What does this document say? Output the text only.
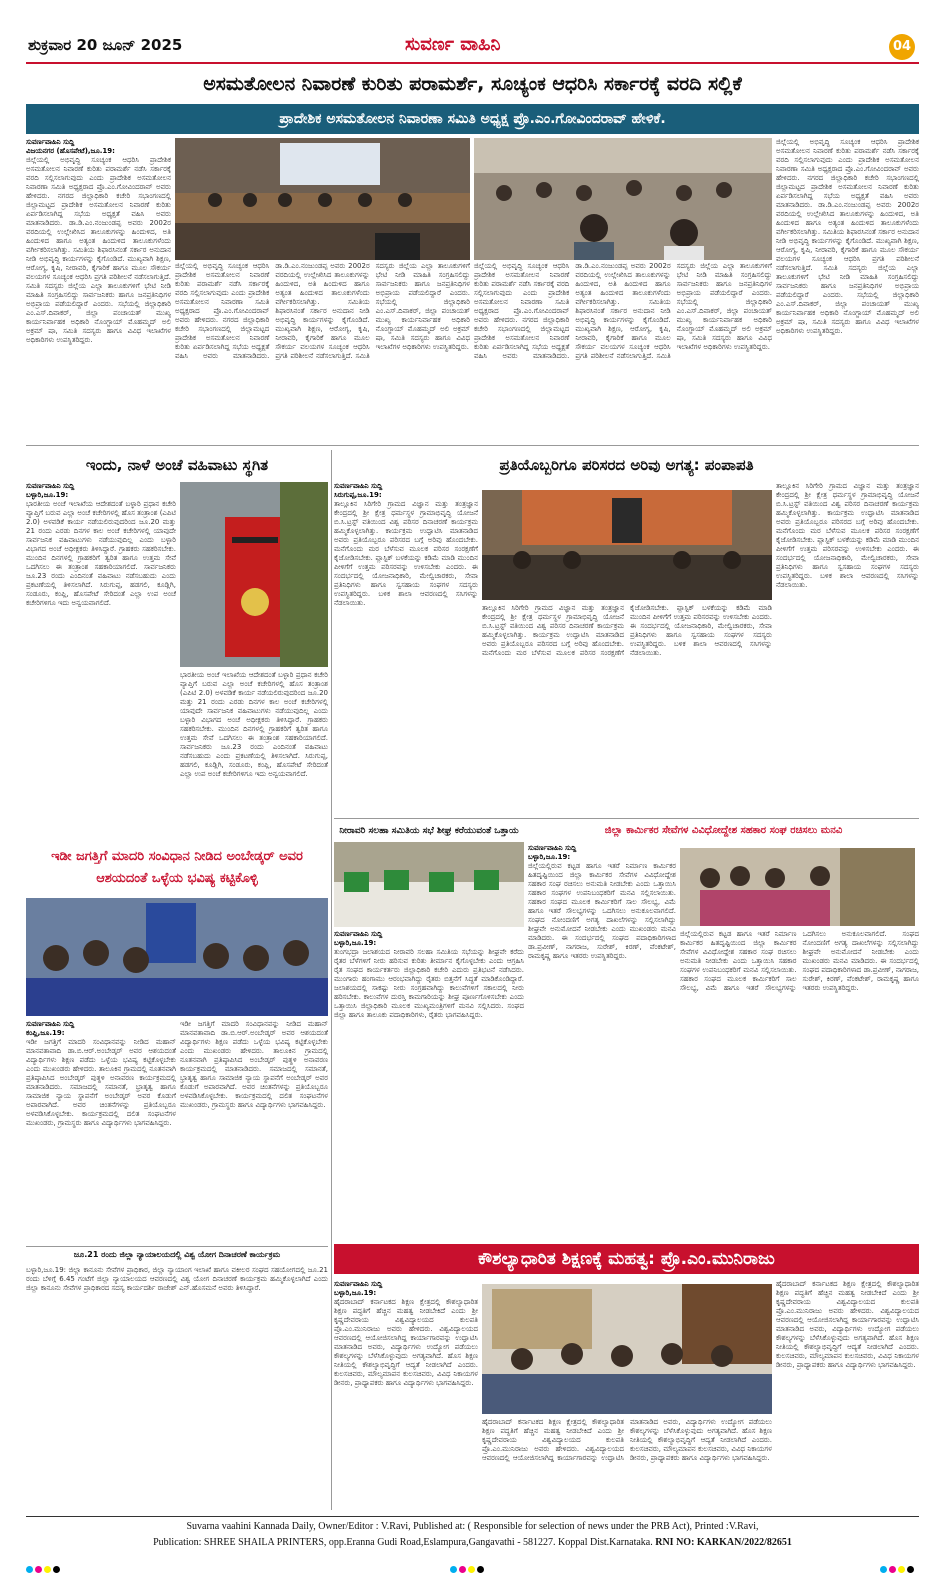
ಶುಕ್ರವಾರ 20 ಜೂನ್ 2025	ಸುವರ್ಣ ವಾಹಿನಿ	04
ಅಸಮತೋಲನ ನಿವಾರಣೆ ಕುರಿತು ಪರಾಮರ್ಶೆ, ಸೂಚ್ಯಂಕ ಆಧರಿಸಿ ಸರ್ಕಾರಕ್ಕೆ ವರದಿ ಸಲ್ಲಿಕೆ
ಪ್ರಾದೇಶಿಕ ಅಸಮತೋಲನ ನಿವಾರಣಾ ಸಮಿತಿ ಅಧ್ಯಕ್ಷ ಪ್ರೊ.ಎಂ.ಗೋವಿಂದರಾವ್ ಹೇಳಿಕೆ.
ಸುವರ್ಣವಾಹಿನಿ ಸುದ್ದಿ
ವಿಜಯನಗರ (ಹೊಸಪೇಟೆ),ಜೂ.19:
ಜಿಲ್ಲೆಯಲ್ಲಿ ಅಭಿವೃದ್ಧಿ ಸೂಚ್ಯಂಕ ಆಧರಿಸಿ ಪ್ರಾದೇಶಿಕ ಅಸಮತೋಲನ ನಿವಾರಣೆ ಕುರಿತು ಪರಾಮರ್ಶೆ ನಡೆಸಿ ಸರ್ಕಾರಕ್ಕೆ ವರದಿ ಸಲ್ಲಿಸಲಾಗುವುದು ಎಂದು ಪ್ರಾದೇಶಿಕ ಅಸಮತೋಲನ ನಿವಾರಣಾ ಸಮಿತಿ ಅಧ್ಯಕ್ಷರಾದ ಪ್ರೊ.ಎಂ.ಗೋವಿಂದರಾವ್ ಅವರು ಹೇಳಿದರು. ನಗರದ ಜಿಲ್ಲಾಧಿಕಾರಿ ಕಚೇರಿ ಸಭಾಂಗಣದಲ್ಲಿ ಜಿಲ್ಲಾಮಟ್ಟದ ಪ್ರಾದೇಶಿಕ ಅಸಮತೋಲನ ನಿವಾರಣೆ ಕುರಿತು ಏರ್ಪಡಿಸಲಾಗಿದ್ದ ಸಭೆಯ ಅಧ್ಯಕ್ಷತೆ ವಹಿಸಿ ಅವರು ಮಾತನಾಡಿದರು. ಡಾ.ಡಿ.ಎಂ.ನಂಜುಂಡಪ್ಪ ಅವರು 2002ರ ವರದಿಯಲ್ಲಿ ಉಲ್ಲೇಖಿಸಿದ ತಾಲೂಕುಗಳನ್ನು ಹಿಂದುಳಿದ, ಅತಿ ಹಿಂದುಳಿದ ಹಾಗೂ ಅತ್ಯಂತ ಹಿಂದುಳಿದ ತಾಲೂಕುಗಳೆಂದು ವರ್ಗೀಕರಿಸಲಾಗಿತ್ತು. ಸಮಿತಿಯ ಶಿಫಾರಸಿನಂತೆ ಸರ್ಕಾರ ಅನುದಾನ ನೀಡಿ ಅಭಿವೃದ್ಧಿ ಕಾರ್ಯಗಳನ್ನು ಕೈಗೊಂಡಿದೆ. ಮುಖ್ಯವಾಗಿ ಶಿಕ್ಷಣ, ಆರೋಗ್ಯ, ಕೃಷಿ, ನೀರಾವರಿ, ಕೈಗಾರಿಕೆ ಹಾಗೂ ಮೂಲ ಸೌಕರ್ಯ ವಲಯಗಳ ಸೂಚ್ಯಂಕ ಆಧರಿಸಿ ಪ್ರಗತಿ ಪರಿಶೀಲನೆ ನಡೆಸಲಾಗುತ್ತಿದೆ. ಸಮಿತಿ ಸದಸ್ಯರು ಜಿಲ್ಲೆಯ ಎಲ್ಲಾ ತಾಲೂಕುಗಳಿಗೆ ಭೇಟಿ ನೀಡಿ ಮಾಹಿತಿ ಸಂಗ್ರಹಿಸಲಿದ್ದು ಸಾರ್ವಜನಿಕರು ಹಾಗೂ ಜನಪ್ರತಿನಿಧಿಗಳ ಅಭಿಪ್ರಾಯ ಪಡೆಯಲಿದ್ದಾರೆ ಎಂದರು. ಸಭೆಯಲ್ಲಿ ಜಿಲ್ಲಾಧಿಕಾರಿ ಎಂ.ಎಸ್.ದಿವಾಕರ್, ಜಿಲ್ಲಾ ಪಂಚಾಯತ್ ಮುಖ್ಯ ಕಾರ್ಯನಿರ್ವಾಹಕ ಅಧಿಕಾರಿ ನೊಂಗ್ಜಾಯ್ ಮೊಹಮ್ಮದ್ ಅಲಿ ಅಕ್ರಮ್ ಷಾ, ಸಮಿತಿ ಸದಸ್ಯರು ಹಾಗೂ ವಿವಿಧ ಇಲಾಖೆಗಳ ಅಧಿಕಾರಿಗಳು ಉಪಸ್ಥಿತರಿದ್ದರು.
ಜಿಲ್ಲೆಯಲ್ಲಿ ಅಭಿವೃದ್ಧಿ ಸೂಚ್ಯಂಕ ಆಧರಿಸಿ ಪ್ರಾದೇಶಿಕ ಅಸಮತೋಲನ ನಿವಾರಣೆ ಕುರಿತು ಪರಾಮರ್ಶೆ ನಡೆಸಿ ಸರ್ಕಾರಕ್ಕೆ ವರದಿ ಸಲ್ಲಿಸಲಾಗುವುದು ಎಂದು ಪ್ರಾದೇಶಿಕ ಅಸಮತೋಲನ ನಿವಾರಣಾ ಸಮಿತಿ ಅಧ್ಯಕ್ಷರಾದ ಪ್ರೊ.ಎಂ.ಗೋವಿಂದರಾವ್ ಅವರು ಹೇಳಿದರು. ನಗರದ ಜಿಲ್ಲಾಧಿಕಾರಿ ಕಚೇರಿ ಸಭಾಂಗಣದಲ್ಲಿ ಜಿಲ್ಲಾಮಟ್ಟದ ಪ್ರಾದೇಶಿಕ ಅಸಮತೋಲನ ನಿವಾರಣೆ ಕುರಿತು ಏರ್ಪಡಿಸಲಾಗಿದ್ದ ಸಭೆಯ ಅಧ್ಯಕ್ಷತೆ ವಹಿಸಿ ಅವರು ಮಾತನಾಡಿದರು. ಡಾ.ಡಿ.ಎಂ.ನಂಜುಂಡಪ್ಪ ಅವರು 2002ರ ವರದಿಯಲ್ಲಿ ಉಲ್ಲೇಖಿಸಿದ ತಾಲೂಕುಗಳನ್ನು ಹಿಂದುಳಿದ, ಅತಿ ಹಿಂದುಳಿದ ಹಾಗೂ ಅತ್ಯಂತ ಹಿಂದುಳಿದ ತಾಲೂಕುಗಳೆಂದು ವರ್ಗೀಕರಿಸಲಾಗಿತ್ತು. ಸಮಿತಿಯ ಶಿಫಾರಸಿನಂತೆ ಸರ್ಕಾರ ಅನುದಾನ ನೀಡಿ ಅಭಿವೃದ್ಧಿ ಕಾರ್ಯಗಳನ್ನು ಕೈಗೊಂಡಿದೆ. ಮುಖ್ಯವಾಗಿ ಶಿಕ್ಷಣ, ಆರೋಗ್ಯ, ಕೃಷಿ, ನೀರಾವರಿ, ಕೈಗಾರಿಕೆ ಹಾಗೂ ಮೂಲ ಸೌಕರ್ಯ ವಲಯಗಳ ಸೂಚ್ಯಂಕ ಆಧರಿಸಿ ಪ್ರಗತಿ ಪರಿಶೀಲನೆ ನಡೆಸಲಾಗುತ್ತಿದೆ. ಸಮಿತಿ ಸದಸ್ಯರು ಜಿಲ್ಲೆಯ ಎಲ್ಲಾ ತಾಲೂಕುಗಳಿಗೆ ಭೇಟಿ ನೀಡಿ ಮಾಹಿತಿ ಸಂಗ್ರಹಿಸಲಿದ್ದು ಸಾರ್ವಜನಿಕರು ಹಾಗೂ ಜನಪ್ರತಿನಿಧಿಗಳ ಅಭಿಪ್ರಾಯ ಪಡೆಯಲಿದ್ದಾರೆ ಎಂದರು. ಸಭೆಯಲ್ಲಿ ಜಿಲ್ಲಾಧಿಕಾರಿ ಎಂ.ಎಸ್.ದಿವಾಕರ್, ಜಿಲ್ಲಾ ಪಂಚಾಯತ್ ಮುಖ್ಯ ಕಾರ್ಯನಿರ್ವಾಹಕ ಅಧಿಕಾರಿ ನೊಂಗ್ಜಾಯ್ ಮೊಹಮ್ಮದ್ ಅಲಿ ಅಕ್ರಮ್ ಷಾ, ಸಮಿತಿ ಸದಸ್ಯರು ಹಾಗೂ ವಿವಿಧ ಇಲಾಖೆಗಳ ಅಧಿಕಾರಿಗಳು ಉಪಸ್ಥಿತರಿದ್ದರು.
ಜಿಲ್ಲೆಯಲ್ಲಿ ಅಭಿವೃದ್ಧಿ ಸೂಚ್ಯಂಕ ಆಧರಿಸಿ ಪ್ರಾದೇಶಿಕ ಅಸಮತೋಲನ ನಿವಾರಣೆ ಕುರಿತು ಪರಾಮರ್ಶೆ ನಡೆಸಿ ಸರ್ಕಾರಕ್ಕೆ ವರದಿ ಸಲ್ಲಿಸಲಾಗುವುದು ಎಂದು ಪ್ರಾದೇಶಿಕ ಅಸಮತೋಲನ ನಿವಾರಣಾ ಸಮಿತಿ ಅಧ್ಯಕ್ಷರಾದ ಪ್ರೊ.ಎಂ.ಗೋವಿಂದರಾವ್ ಅವರು ಹೇಳಿದರು. ನಗರದ ಜಿಲ್ಲಾಧಿಕಾರಿ ಕಚೇರಿ ಸಭಾಂಗಣದಲ್ಲಿ ಜಿಲ್ಲಾಮಟ್ಟದ ಪ್ರಾದೇಶಿಕ ಅಸಮತೋಲನ ನಿವಾರಣೆ ಕುರಿತು ಏರ್ಪಡಿಸಲಾಗಿದ್ದ ಸಭೆಯ ಅಧ್ಯಕ್ಷತೆ ವಹಿಸಿ ಅವರು ಮಾತನಾಡಿದರು. ಡಾ.ಡಿ.ಎಂ.ನಂಜುಂಡಪ್ಪ ಅವರು 2002ರ ವರದಿಯಲ್ಲಿ ಉಲ್ಲೇಖಿಸಿದ ತಾಲೂಕುಗಳನ್ನು ಹಿಂದುಳಿದ, ಅತಿ ಹಿಂದುಳಿದ ಹಾಗೂ ಅತ್ಯಂತ ಹಿಂದುಳಿದ ತಾಲೂಕುಗಳೆಂದು ವರ್ಗೀಕರಿಸಲಾಗಿತ್ತು. ಸಮಿತಿಯ ಶಿಫಾರಸಿನಂತೆ ಸರ್ಕಾರ ಅನುದಾನ ನೀಡಿ ಅಭಿವೃದ್ಧಿ ಕಾರ್ಯಗಳನ್ನು ಕೈಗೊಂಡಿದೆ. ಮುಖ್ಯವಾಗಿ ಶಿಕ್ಷಣ, ಆರೋಗ್ಯ, ಕೃಷಿ, ನೀರಾವರಿ, ಕೈಗಾರಿಕೆ ಹಾಗೂ ಮೂಲ ಸೌಕರ್ಯ ವಲಯಗಳ ಸೂಚ್ಯಂಕ ಆಧರಿಸಿ ಪ್ರಗತಿ ಪರಿಶೀಲನೆ ನಡೆಸಲಾಗುತ್ತಿದೆ. ಸಮಿತಿ ಸದಸ್ಯರು ಜಿಲ್ಲೆಯ ಎಲ್ಲಾ ತಾಲೂಕುಗಳಿಗೆ ಭೇಟಿ ನೀಡಿ ಮಾಹಿತಿ ಸಂಗ್ರಹಿಸಲಿದ್ದು ಸಾರ್ವಜನಿಕರು ಹಾಗೂ ಜನಪ್ರತಿನಿಧಿಗಳ ಅಭಿಪ್ರಾಯ ಪಡೆಯಲಿದ್ದಾರೆ ಎಂದರು. ಸಭೆಯಲ್ಲಿ ಜಿಲ್ಲಾಧಿಕಾರಿ ಎಂ.ಎಸ್.ದಿವಾಕರ್, ಜಿಲ್ಲಾ ಪಂಚಾಯತ್ ಮುಖ್ಯ ಕಾರ್ಯನಿರ್ವಾಹಕ ಅಧಿಕಾರಿ ನೊಂಗ್ಜಾಯ್ ಮೊಹಮ್ಮದ್ ಅಲಿ ಅಕ್ರಮ್ ಷಾ, ಸಮಿತಿ ಸದಸ್ಯರು ಹಾಗೂ ವಿವಿಧ ಇಲಾಖೆಗಳ ಅಧಿಕಾರಿಗಳು ಉಪಸ್ಥಿತರಿದ್ದರು.
ಜಿಲ್ಲೆಯಲ್ಲಿ ಅಭಿವೃದ್ಧಿ ಸೂಚ್ಯಂಕ ಆಧರಿಸಿ ಪ್ರಾದೇಶಿಕ ಅಸಮತೋಲನ ನಿವಾರಣೆ ಕುರಿತು ಪರಾಮರ್ಶೆ ನಡೆಸಿ ಸರ್ಕಾರಕ್ಕೆ ವರದಿ ಸಲ್ಲಿಸಲಾಗುವುದು ಎಂದು ಪ್ರಾದೇಶಿಕ ಅಸಮತೋಲನ ನಿವಾರಣಾ ಸಮಿತಿ ಅಧ್ಯಕ್ಷರಾದ ಪ್ರೊ.ಎಂ.ಗೋವಿಂದರಾವ್ ಅವರು ಹೇಳಿದರು. ನಗರದ ಜಿಲ್ಲಾಧಿಕಾರಿ ಕಚೇರಿ ಸಭಾಂಗಣದಲ್ಲಿ ಜಿಲ್ಲಾಮಟ್ಟದ ಪ್ರಾದೇಶಿಕ ಅಸಮತೋಲನ ನಿವಾರಣೆ ಕುರಿತು ಏರ್ಪಡಿಸಲಾಗಿದ್ದ ಸಭೆಯ ಅಧ್ಯಕ್ಷತೆ ವಹಿಸಿ ಅವರು ಮಾತನಾಡಿದರು. ಡಾ.ಡಿ.ಎಂ.ನಂಜುಂಡಪ್ಪ ಅವರು 2002ರ ವರದಿಯಲ್ಲಿ ಉಲ್ಲೇಖಿಸಿದ ತಾಲೂಕುಗಳನ್ನು ಹಿಂದುಳಿದ, ಅತಿ ಹಿಂದುಳಿದ ಹಾಗೂ ಅತ್ಯಂತ ಹಿಂದುಳಿದ ತಾಲೂಕುಗಳೆಂದು ವರ್ಗೀಕರಿಸಲಾಗಿತ್ತು. ಸಮಿತಿಯ ಶಿಫಾರಸಿನಂತೆ ಸರ್ಕಾರ ಅನುದಾನ ನೀಡಿ ಅಭಿವೃದ್ಧಿ ಕಾರ್ಯಗಳನ್ನು ಕೈಗೊಂಡಿದೆ. ಮುಖ್ಯವಾಗಿ ಶಿಕ್ಷಣ, ಆರೋಗ್ಯ, ಕೃಷಿ, ನೀರಾವರಿ, ಕೈಗಾರಿಕೆ ಹಾಗೂ ಮೂಲ ಸೌಕರ್ಯ ವಲಯಗಳ ಸೂಚ್ಯಂಕ ಆಧರಿಸಿ ಪ್ರಗತಿ ಪರಿಶೀಲನೆ ನಡೆಸಲಾಗುತ್ತಿದೆ. ಸಮಿತಿ ಸದಸ್ಯರು ಜಿಲ್ಲೆಯ ಎಲ್ಲಾ ತಾಲೂಕುಗಳಿಗೆ ಭೇಟಿ ನೀಡಿ ಮಾಹಿತಿ ಸಂಗ್ರಹಿಸಲಿದ್ದು ಸಾರ್ವಜನಿಕರು ಹಾಗೂ ಜನಪ್ರತಿನಿಧಿಗಳ ಅಭಿಪ್ರಾಯ ಪಡೆಯಲಿದ್ದಾರೆ ಎಂದರು. ಸಭೆಯಲ್ಲಿ ಜಿಲ್ಲಾಧಿಕಾರಿ ಎಂ.ಎಸ್.ದಿವಾಕರ್, ಜಿಲ್ಲಾ ಪಂಚಾಯತ್ ಮುಖ್ಯ ಕಾರ್ಯನಿರ್ವಾಹಕ ಅಧಿಕಾರಿ ನೊಂಗ್ಜಾಯ್ ಮೊಹಮ್ಮದ್ ಅಲಿ ಅಕ್ರಮ್ ಷಾ, ಸಮಿತಿ ಸದಸ್ಯರು ಹಾಗೂ ವಿವಿಧ ಇಲಾಖೆಗಳ ಅಧಿಕಾರಿಗಳು ಉಪಸ್ಥಿತರಿದ್ದರು.
ಇಂದು, ನಾಳೆ ಅಂಚೆ ವಹಿವಾಟು ಸ್ಥಗಿತ
ಸುವರ್ಣವಾಹಿನಿ ಸುದ್ದಿ
ಬಳ್ಳಾರಿ,ಜೂ.19:
ಭಾರತೀಯ ಅಂಚೆ ಇಲಾಖೆಯ ಆದೇಶದಂತೆ ಬಳ್ಳಾರಿ ಪ್ರಧಾನ ಕಚೇರಿ ವ್ಯಾಪ್ತಿಗೆ ಬರುವ ಎಲ್ಲಾ ಅಂಚೆ ಕಚೇರಿಗಳಲ್ಲಿ ಹೊಸ ತಂತ್ರಾಂಶ (ಎಪಿಟಿ 2.0) ಅಳವಡಿಕೆ ಕಾರ್ಯ ನಡೆಯಲಿರುವುದರಿಂದ ಜೂ.20 ಮತ್ತು 21 ರಂದು ಎರಡು ದಿನಗಳ ಕಾಲ ಅಂಚೆ ಕಚೇರಿಗಳಲ್ಲಿ ಯಾವುದೇ ಸಾರ್ವಜನಿಕ ವಹಿವಾಟುಗಳು ನಡೆಯುವುದಿಲ್ಲ ಎಂದು ಬಳ್ಳಾರಿ ವಿಭಾಗದ ಅಂಚೆ ಅಧೀಕ್ಷಕರು ತಿಳಿಸಿದ್ದಾರೆ. ಗ್ರಾಹಕರು ಸಹಕರಿಸಬೇಕು. ಮುಂದಿನ ದಿನಗಳಲ್ಲಿ ಗ್ರಾಹಕರಿಗೆ ತ್ವರಿತ ಹಾಗೂ ಉತ್ತಮ ಸೇವೆ ಒದಗಿಸಲು ಈ ತಂತ್ರಾಂಶ ಸಹಕಾರಿಯಾಗಲಿದೆ. ಸಾರ್ವಜನಿಕರು ಜೂ.23 ರಂದು ಎಂದಿನಂತೆ ವಹಿವಾಟು ನಡೆಸಬಹುದು ಎಂದು ಪ್ರಕಟಣೆಯಲ್ಲಿ ತಿಳಿಸಲಾಗಿದೆ. ಸಿರುಗುಪ್ಪ, ಹಡಗಲಿ, ಕೂಡ್ಲಿಗಿ, ಸಂಡೂರು, ಕಂಪ್ಲಿ, ಹೊಸಪೇಟೆ ಸೇರಿದಂತೆ ಎಲ್ಲಾ ಉಪ ಅಂಚೆ ಕಚೇರಿಗಳಿಗೂ ಇದು ಅನ್ವಯವಾಗಲಿದೆ.
ಭಾರತೀಯ ಅಂಚೆ ಇಲಾಖೆಯ ಆದೇಶದಂತೆ ಬಳ್ಳಾರಿ ಪ್ರಧಾನ ಕಚೇರಿ ವ್ಯಾಪ್ತಿಗೆ ಬರುವ ಎಲ್ಲಾ ಅಂಚೆ ಕಚೇರಿಗಳಲ್ಲಿ ಹೊಸ ತಂತ್ರಾಂಶ (ಎಪಿಟಿ 2.0) ಅಳವಡಿಕೆ ಕಾರ್ಯ ನಡೆಯಲಿರುವುದರಿಂದ ಜೂ.20 ಮತ್ತು 21 ರಂದು ಎರಡು ದಿನಗಳ ಕಾಲ ಅಂಚೆ ಕಚೇರಿಗಳಲ್ಲಿ ಯಾವುದೇ ಸಾರ್ವಜನಿಕ ವಹಿವಾಟುಗಳು ನಡೆಯುವುದಿಲ್ಲ ಎಂದು ಬಳ್ಳಾರಿ ವಿಭಾಗದ ಅಂಚೆ ಅಧೀಕ್ಷಕರು ತಿಳಿಸಿದ್ದಾರೆ. ಗ್ರಾಹಕರು ಸಹಕರಿಸಬೇಕು. ಮುಂದಿನ ದಿನಗಳಲ್ಲಿ ಗ್ರಾಹಕರಿಗೆ ತ್ವರಿತ ಹಾಗೂ ಉತ್ತಮ ಸೇವೆ ಒದಗಿಸಲು ಈ ತಂತ್ರಾಂಶ ಸಹಕಾರಿಯಾಗಲಿದೆ. ಸಾರ್ವಜನಿಕರು ಜೂ.23 ರಂದು ಎಂದಿನಂತೆ ವಹಿವಾಟು ನಡೆಸಬಹುದು ಎಂದು ಪ್ರಕಟಣೆಯಲ್ಲಿ ತಿಳಿಸಲಾಗಿದೆ. ಸಿರುಗುಪ್ಪ, ಹಡಗಲಿ, ಕೂಡ್ಲಿಗಿ, ಸಂಡೂರು, ಕಂಪ್ಲಿ, ಹೊಸಪೇಟೆ ಸೇರಿದಂತೆ ಎಲ್ಲಾ ಉಪ ಅಂಚೆ ಕಚೇರಿಗಳಿಗೂ ಇದು ಅನ್ವಯವಾಗಲಿದೆ.
ಇಡೀ ಜಗತ್ತಿಗೆ ಮಾದರಿ ಸಂವಿಧಾನ ನೀಡಿದ ಅಂಬೇಡ್ಕರ್ ಅವರ ಆಶಯದಂತೆ ಒಳ್ಳೆಯ ಭವಿಷ್ಯ ಕಟ್ಟಿಕೊಳ್ಳಿ
ಸುವರ್ಣವಾಹಿನಿ ಸುದ್ದಿ
ಕಂಪ್ಲಿ,ಜೂ.19:
ಇಡೀ ಜಗತ್ತಿಗೆ ಮಾದರಿ ಸಂವಿಧಾನವನ್ನು ನೀಡಿದ ಮಹಾನ್ ಮಾನವತಾವಾದಿ ಡಾ.ಬಿ.ಆರ್.ಅಂಬೇಡ್ಕರ್ ಅವರ ಆಶಯದಂತೆ ವಿದ್ಯಾರ್ಥಿಗಳು ಶಿಕ್ಷಣ ಪಡೆದು ಒಳ್ಳೆಯ ಭವಿಷ್ಯ ಕಟ್ಟಿಕೊಳ್ಳಬೇಕು ಎಂದು ಮುಖಂಡರು ಹೇಳಿದರು. ತಾಲೂಕಿನ ಗ್ರಾಮದಲ್ಲಿ ನೂತನವಾಗಿ ಪ್ರತಿಷ್ಠಾಪಿಸಿದ ಅಂಬೇಡ್ಕರ್ ಪುತ್ಥಳಿ ಅನಾವರಣ ಕಾರ್ಯಕ್ರಮದಲ್ಲಿ ಮಾತನಾಡಿದರು. ಸಮಾಜದಲ್ಲಿ ಸಮಾನತೆ, ಭ್ರಾತೃತ್ವ ಹಾಗೂ ಸಾಮಾಜಿಕ ನ್ಯಾಯ ಸ್ಥಾಪನೆಗೆ ಅಂಬೇಡ್ಕರ್ ಅವರ ಕೊಡುಗೆ ಅಪಾರವಾಗಿದೆ. ಅವರ ಚಿಂತನೆಗಳನ್ನು ಪ್ರತಿಯೊಬ್ಬರೂ ಅಳವಡಿಸಿಕೊಳ್ಳಬೇಕು. ಕಾರ್ಯಕ್ರಮದಲ್ಲಿ ದಲಿತ ಸಂಘಟನೆಗಳ ಮುಖಂಡರು, ಗ್ರಾಮಸ್ಥರು ಹಾಗೂ ವಿದ್ಯಾರ್ಥಿಗಳು ಭಾಗವಹಿಸಿದ್ದರು.
ಇಡೀ ಜಗತ್ತಿಗೆ ಮಾದರಿ ಸಂವಿಧಾನವನ್ನು ನೀಡಿದ ಮಹಾನ್ ಮಾನವತಾವಾದಿ ಡಾ.ಬಿ.ಆರ್.ಅಂಬೇಡ್ಕರ್ ಅವರ ಆಶಯದಂತೆ ವಿದ್ಯಾರ್ಥಿಗಳು ಶಿಕ್ಷಣ ಪಡೆದು ಒಳ್ಳೆಯ ಭವಿಷ್ಯ ಕಟ್ಟಿಕೊಳ್ಳಬೇಕು ಎಂದು ಮುಖಂಡರು ಹೇಳಿದರು. ತಾಲೂಕಿನ ಗ್ರಾಮದಲ್ಲಿ ನೂತನವಾಗಿ ಪ್ರತಿಷ್ಠಾಪಿಸಿದ ಅಂಬೇಡ್ಕರ್ ಪುತ್ಥಳಿ ಅನಾವರಣ ಕಾರ್ಯಕ್ರಮದಲ್ಲಿ ಮಾತನಾಡಿದರು. ಸಮಾಜದಲ್ಲಿ ಸಮಾನತೆ, ಭ್ರಾತೃತ್ವ ಹಾಗೂ ಸಾಮಾಜಿಕ ನ್ಯಾಯ ಸ್ಥಾಪನೆಗೆ ಅಂಬೇಡ್ಕರ್ ಅವರ ಕೊಡುಗೆ ಅಪಾರವಾಗಿದೆ. ಅವರ ಚಿಂತನೆಗಳನ್ನು ಪ್ರತಿಯೊಬ್ಬರೂ ಅಳವಡಿಸಿಕೊಳ್ಳಬೇಕು. ಕಾರ್ಯಕ್ರಮದಲ್ಲಿ ದಲಿತ ಸಂಘಟನೆಗಳ ಮುಖಂಡರು, ಗ್ರಾಮಸ್ಥರು ಹಾಗೂ ವಿದ್ಯಾರ್ಥಿಗಳು ಭಾಗವಹಿಸಿದ್ದರು.
ಜೂ.21 ರಂದು ಜಿಲ್ಲಾ ನ್ಯಾಯಾಲಯದಲ್ಲಿ ವಿಶ್ವ ಯೋಗ ದಿನಾಚರಣೆ ಕಾರ್ಯಕ್ರಮ
ಬಳ್ಳಾರಿ,ಜೂ.19: ಜಿಲ್ಲಾ ಕಾನೂನು ಸೇವೆಗಳ ಪ್ರಾಧಿಕಾರ, ಜಿಲ್ಲಾ ನ್ಯಾಯಾಂಗ ಇಲಾಖೆ ಹಾಗೂ ವಕೀಲರ ಸಂಘದ ಸಹಯೋಗದಲ್ಲಿ ಜೂ.21 ರಂದು ಬೆಳಿಗ್ಗೆ 6.45 ಗಂಟೆಗೆ ಜಿಲ್ಲಾ ನ್ಯಾಯಾಲಯದ ಆವರಣದಲ್ಲಿ ವಿಶ್ವ ಯೋಗ ದಿನಾಚರಣೆ ಕಾರ್ಯಕ್ರಮ ಹಮ್ಮಿಕೊಳ್ಳಲಾಗಿದೆ ಎಂದು ಜಿಲ್ಲಾ ಕಾನೂನು ಸೇವೆಗಳ ಪ್ರಾಧಿಕಾರದ ಸದಸ್ಯ ಕಾರ್ಯದರ್ಶಿ ರಾಜೇಶ್ ಎನ್.ಹೊಸಮನೆ ಅವರು ತಿಳಿಸಿದ್ದಾರೆ.
ಪ್ರತಿಯೊಬ್ಬರಿಗೂ ಪರಿಸರದ ಅರಿವು ಅಗತ್ಯ: ಪಂಪಾಪತಿ
ಸುವರ್ಣವಾಹಿನಿ ಸುದ್ದಿ
ಸಿರುಗುಪ್ಪ,ಜೂ.19:
ತಾಲ್ಲೂಕಿನ ಸಿರಿಗೇರಿ ಗ್ರಾಮದ ವಿಜ್ಞಾನ ಮತ್ತು ತಂತ್ರಜ್ಞಾನ ಕೇಂದ್ರದಲ್ಲಿ ಶ್ರೀ ಕ್ಷೇತ್ರ ಧರ್ಮಸ್ಥಳ ಗ್ರಾಮಾಭಿವೃದ್ಧಿ ಯೋಜನೆ ಬಿ.ಸಿ.ಟ್ರಸ್ಟ್ ವತಿಯಿಂದ ವಿಶ್ವ ಪರಿಸರ ದಿನಾಚರಣೆ ಕಾರ್ಯಕ್ರಮ ಹಮ್ಮಿಕೊಳ್ಳಲಾಗಿತ್ತು. ಕಾರ್ಯಕ್ರಮ ಉದ್ಘಾಟಿಸಿ ಮಾತನಾಡಿದ ಅವರು ಪ್ರತಿಯೊಬ್ಬರೂ ಪರಿಸರದ ಬಗ್ಗೆ ಅರಿವು ಹೊಂದಬೇಕು. ಮನೆಗೊಂದು ಮರ ಬೆಳೆಸುವ ಮೂಲಕ ಪರಿಸರ ಸಂರಕ್ಷಣೆಗೆ ಕೈಜೋಡಿಸಬೇಕು. ಪ್ಲಾಸ್ಟಿಕ್ ಬಳಕೆಯನ್ನು ಕಡಿಮೆ ಮಾಡಿ ಮುಂದಿನ ಪೀಳಿಗೆಗೆ ಉತ್ತಮ ಪರಿಸರವನ್ನು ಉಳಿಸಬೇಕು ಎಂದರು. ಈ ಸಂದರ್ಭದಲ್ಲಿ ಯೋಜನಾಧಿಕಾರಿ, ಮೇಲ್ವಿಚಾರಕರು, ಸೇವಾ ಪ್ರತಿನಿಧಿಗಳು ಹಾಗೂ ಸ್ವಸಹಾಯ ಸಂಘಗಳ ಸದಸ್ಯರು ಉಪಸ್ಥಿತರಿದ್ದರು. ಬಳಿಕ ಶಾಲಾ ಆವರಣದಲ್ಲಿ ಸಸಿಗಳನ್ನು ನೆಡಲಾಯಿತು.
ತಾಲ್ಲೂಕಿನ ಸಿರಿಗೇರಿ ಗ್ರಾಮದ ವಿಜ್ಞಾನ ಮತ್ತು ತಂತ್ರಜ್ಞಾನ ಕೇಂದ್ರದಲ್ಲಿ ಶ್ರೀ ಕ್ಷೇತ್ರ ಧರ್ಮಸ್ಥಳ ಗ್ರಾಮಾಭಿವೃದ್ಧಿ ಯೋಜನೆ ಬಿ.ಸಿ.ಟ್ರಸ್ಟ್ ವತಿಯಿಂದ ವಿಶ್ವ ಪರಿಸರ ದಿನಾಚರಣೆ ಕಾರ್ಯಕ್ರಮ ಹಮ್ಮಿಕೊಳ್ಳಲಾಗಿತ್ತು. ಕಾರ್ಯಕ್ರಮ ಉದ್ಘಾಟಿಸಿ ಮಾತನಾಡಿದ ಅವರು ಪ್ರತಿಯೊಬ್ಬರೂ ಪರಿಸರದ ಬಗ್ಗೆ ಅರಿವು ಹೊಂದಬೇಕು. ಮನೆಗೊಂದು ಮರ ಬೆಳೆಸುವ ಮೂಲಕ ಪರಿಸರ ಸಂರಕ್ಷಣೆಗೆ ಕೈಜೋಡಿಸಬೇಕು. ಪ್ಲಾಸ್ಟಿಕ್ ಬಳಕೆಯನ್ನು ಕಡಿಮೆ ಮಾಡಿ ಮುಂದಿನ ಪೀಳಿಗೆಗೆ ಉತ್ತಮ ಪರಿಸರವನ್ನು ಉಳಿಸಬೇಕು ಎಂದರು. ಈ ಸಂದರ್ಭದಲ್ಲಿ ಯೋಜನಾಧಿಕಾರಿ, ಮೇಲ್ವಿಚಾರಕರು, ಸೇವಾ ಪ್ರತಿನಿಧಿಗಳು ಹಾಗೂ ಸ್ವಸಹಾಯ ಸಂಘಗಳ ಸದಸ್ಯರು ಉಪಸ್ಥಿತರಿದ್ದರು. ಬಳಿಕ ಶಾಲಾ ಆವರಣದಲ್ಲಿ ಸಸಿಗಳನ್ನು ನೆಡಲಾಯಿತು.
ತಾಲ್ಲೂಕಿನ ಸಿರಿಗೇರಿ ಗ್ರಾಮದ ವಿಜ್ಞಾನ ಮತ್ತು ತಂತ್ರಜ್ಞಾನ ಕೇಂದ್ರದಲ್ಲಿ ಶ್ರೀ ಕ್ಷೇತ್ರ ಧರ್ಮಸ್ಥಳ ಗ್ರಾಮಾಭಿವೃದ್ಧಿ ಯೋಜನೆ ಬಿ.ಸಿ.ಟ್ರಸ್ಟ್ ವತಿಯಿಂದ ವಿಶ್ವ ಪರಿಸರ ದಿನಾಚರಣೆ ಕಾರ್ಯಕ್ರಮ ಹಮ್ಮಿಕೊಳ್ಳಲಾಗಿತ್ತು. ಕಾರ್ಯಕ್ರಮ ಉದ್ಘಾಟಿಸಿ ಮಾತನಾಡಿದ ಅವರು ಪ್ರತಿಯೊಬ್ಬರೂ ಪರಿಸರದ ಬಗ್ಗೆ ಅರಿವು ಹೊಂದಬೇಕು. ಮನೆಗೊಂದು ಮರ ಬೆಳೆಸುವ ಮೂಲಕ ಪರಿಸರ ಸಂರಕ್ಷಣೆಗೆ ಕೈಜೋಡಿಸಬೇಕು. ಪ್ಲಾಸ್ಟಿಕ್ ಬಳಕೆಯನ್ನು ಕಡಿಮೆ ಮಾಡಿ ಮುಂದಿನ ಪೀಳಿಗೆಗೆ ಉತ್ತಮ ಪರಿಸರವನ್ನು ಉಳಿಸಬೇಕು ಎಂದರು. ಈ ಸಂದರ್ಭದಲ್ಲಿ ಯೋಜನಾಧಿಕಾರಿ, ಮೇಲ್ವಿಚಾರಕರು, ಸೇವಾ ಪ್ರತಿನಿಧಿಗಳು ಹಾಗೂ ಸ್ವಸಹಾಯ ಸಂಘಗಳ ಸದಸ್ಯರು ಉಪಸ್ಥಿತರಿದ್ದರು. ಬಳಿಕ ಶಾಲಾ ಆವರಣದಲ್ಲಿ ಸಸಿಗಳನ್ನು ನೆಡಲಾಯಿತು.
ನೀರಾವರಿ ಸಲಹಾ ಸಮಿತಿಯ ಸಭೆ ಶೀಘ್ರ ಕರೆಯುವಂತೆ ಒತ್ತಾಯ
ಸುವರ್ಣವಾಹಿನಿ ಸುದ್ದಿ
ಬಳ್ಳಾರಿ,ಜೂ.19:
ತುಂಗಭದ್ರಾ ಜಲಾಶಯದ ನೀರಾವರಿ ಸಲಹಾ ಸಮಿತಿಯ ಸಭೆಯನ್ನು ಶೀಘ್ರವೇ ಕರೆದು ರೈತರ ಬೆಳೆಗಳಿಗೆ ನೀರು ಹರಿಸುವ ಕುರಿತು ತೀರ್ಮಾನ ಕೈಗೊಳ್ಳಬೇಕು ಎಂದು ಆಗ್ರಹಿಸಿ ರೈತ ಸಂಘದ ಕಾರ್ಯಕರ್ತರು ಜಿಲ್ಲಾಧಿಕಾರಿ ಕಚೇರಿ ಎದುರು ಪ್ರತಿಭಟನೆ ನಡೆಸಿದರು. ಮುಂಗಾರು ಹಂಗಾಮು ಆರಂಭವಾಗಿದ್ದು ರೈತರು ಬಿತ್ತನೆಗೆ ಸಿದ್ಧತೆ ಮಾಡಿಕೊಂಡಿದ್ದಾರೆ. ಜಲಾಶಯದಲ್ಲಿ ಸಾಕಷ್ಟು ನೀರು ಸಂಗ್ರಹವಾಗಿದ್ದು ಕಾಲುವೆಗಳಿಗೆ ಸಕಾಲದಲ್ಲಿ ನೀರು ಹರಿಸಬೇಕು. ಕಾಲುವೆಗಳ ದುರಸ್ತಿ ಕಾಮಗಾರಿಯನ್ನು ಶೀಘ್ರ ಪೂರ್ಣಗೊಳಿಸಬೇಕು ಎಂದು ಒತ್ತಾಯಿಸಿ ಜಿಲ್ಲಾಧಿಕಾರಿ ಮೂಲಕ ಮುಖ್ಯಮಂತ್ರಿಗಳಿಗೆ ಮನವಿ ಸಲ್ಲಿಸಿದರು. ಸಂಘದ ಜಿಲ್ಲಾ ಹಾಗೂ ತಾಲೂಕು ಪದಾಧಿಕಾರಿಗಳು, ರೈತರು ಭಾಗವಹಿಸಿದ್ದರು.
ಜಿಲ್ಲಾ ಕಾರ್ಮಿಕರ ಸೇವೆಗಳ ವಿವಿಧೋದ್ದೇಶ ಸಹಕಾರ ಸಂಘ ರಚಿಸಲು ಮನವಿ
ಸುವರ್ಣವಾಹಿನಿ ಸುದ್ದಿ
ಬಳ್ಳಾರಿ,ಜೂ.19:
ಜಿಲ್ಲೆಯಲ್ಲಿರುವ ಕಟ್ಟಡ ಹಾಗೂ ಇತರೆ ನಿರ್ಮಾಣ ಕಾರ್ಮಿಕರ ಹಿತದೃಷ್ಟಿಯಿಂದ ಜಿಲ್ಲಾ ಕಾರ್ಮಿಕರ ಸೇವೆಗಳ ವಿವಿಧೋದ್ದೇಶ ಸಹಕಾರ ಸಂಘ ರಚಿಸಲು ಅನುಮತಿ ನೀಡಬೇಕು ಎಂದು ಒತ್ತಾಯಿಸಿ ಸಹಕಾರ ಸಂಘಗಳ ಉಪನಿಬಂಧಕರಿಗೆ ಮನವಿ ಸಲ್ಲಿಸಲಾಯಿತು. ಸಹಕಾರ ಸಂಘದ ಮೂಲಕ ಕಾರ್ಮಿಕರಿಗೆ ಸಾಲ ಸೌಲಭ್ಯ, ವಿಮೆ ಹಾಗೂ ಇತರೆ ಸೌಲಭ್ಯಗಳನ್ನು ಒದಗಿಸಲು ಅನುಕೂಲವಾಗಲಿದೆ. ಸಂಘದ ನೋಂದಣಿಗೆ ಅಗತ್ಯ ದಾಖಲೆಗಳನ್ನು ಸಲ್ಲಿಸಲಾಗಿದ್ದು ಶೀಘ್ರವೇ ಅನುಮೋದನೆ ನೀಡಬೇಕು ಎಂದು ಮುಖಂಡರು ಮನವಿ ಮಾಡಿದರು. ಈ ಸಂದರ್ಭದಲ್ಲಿ ಸಂಘದ ಪದಾಧಿಕಾರಿಗಳಾದ ಡಾ.ಪ್ರವೀಣ್, ನಾಗರಾಜ, ಸುರೇಶ್, ಕಿರಣ್, ವೆಂಕಟೇಶ್, ರಾಮಕೃಷ್ಣ ಹಾಗೂ ಇತರರು ಉಪಸ್ಥಿತರಿದ್ದರು.
ಜಿಲ್ಲೆಯಲ್ಲಿರುವ ಕಟ್ಟಡ ಹಾಗೂ ಇತರೆ ನಿರ್ಮಾಣ ಕಾರ್ಮಿಕರ ಹಿತದೃಷ್ಟಿಯಿಂದ ಜಿಲ್ಲಾ ಕಾರ್ಮಿಕರ ಸೇವೆಗಳ ವಿವಿಧೋದ್ದೇಶ ಸಹಕಾರ ಸಂಘ ರಚಿಸಲು ಅನುಮತಿ ನೀಡಬೇಕು ಎಂದು ಒತ್ತಾಯಿಸಿ ಸಹಕಾರ ಸಂಘಗಳ ಉಪನಿಬಂಧಕರಿಗೆ ಮನವಿ ಸಲ್ಲಿಸಲಾಯಿತು. ಸಹಕಾರ ಸಂಘದ ಮೂಲಕ ಕಾರ್ಮಿಕರಿಗೆ ಸಾಲ ಸೌಲಭ್ಯ, ವಿಮೆ ಹಾಗೂ ಇತರೆ ಸೌಲಭ್ಯಗಳನ್ನು ಒದಗಿಸಲು ಅನುಕೂಲವಾಗಲಿದೆ. ಸಂಘದ ನೋಂದಣಿಗೆ ಅಗತ್ಯ ದಾಖಲೆಗಳನ್ನು ಸಲ್ಲಿಸಲಾಗಿದ್ದು ಶೀಘ್ರವೇ ಅನುಮೋದನೆ ನೀಡಬೇಕು ಎಂದು ಮುಖಂಡರು ಮನವಿ ಮಾಡಿದರು. ಈ ಸಂದರ್ಭದಲ್ಲಿ ಸಂಘದ ಪದಾಧಿಕಾರಿಗಳಾದ ಡಾ.ಪ್ರವೀಣ್, ನಾಗರಾಜ, ಸುರೇಶ್, ಕಿರಣ್, ವೆಂಕಟೇಶ್, ರಾಮಕೃಷ್ಣ ಹಾಗೂ ಇತರರು ಉಪಸ್ಥಿತರಿದ್ದರು.
ಕೌಶಲ್ಯಾಧಾರಿತ ಶಿಕ್ಷಣಕ್ಕೆ ಮಹತ್ವ: ಪ್ರೊ.ಎಂ.ಮುನಿರಾಜು
ಸುವರ್ಣವಾಹಿನಿ ಸುದ್ದಿ
ಬಳ್ಳಾರಿ,ಜೂ.19:
ಹೈದರಾಬಾದ್ ಕರ್ನಾಟಕದ ಶಿಕ್ಷಣ ಕ್ಷೇತ್ರದಲ್ಲಿ ಕೌಶಲ್ಯಾಧಾರಿತ ಶಿಕ್ಷಣ ಪದ್ಧತಿಗೆ ಹೆಚ್ಚಿನ ಮಹತ್ವ ನೀಡಬೇಕಿದೆ ಎಂದು ಶ್ರೀ ಕೃಷ್ಣದೇವರಾಯ ವಿಶ್ವವಿದ್ಯಾಲಯದ ಕುಲಪತಿ ಪ್ರೊ.ಎಂ.ಮುನಿರಾಜು ಅವರು ಹೇಳಿದರು. ವಿಶ್ವವಿದ್ಯಾಲಯದ ಆವರಣದಲ್ಲಿ ಆಯೋಜಿಸಲಾಗಿದ್ದ ಕಾರ್ಯಾಗಾರವನ್ನು ಉದ್ಘಾಟಿಸಿ ಮಾತನಾಡಿದ ಅವರು, ವಿದ್ಯಾರ್ಥಿಗಳು ಉದ್ಯೋಗ ಪಡೆಯಲು ಕೌಶಲ್ಯಗಳನ್ನು ಬೆಳೆಸಿಕೊಳ್ಳುವುದು ಅಗತ್ಯವಾಗಿದೆ. ಹೊಸ ಶಿಕ್ಷಣ ನೀತಿಯಲ್ಲಿ ಕೌಶಲ್ಯಾಭಿವೃದ್ಧಿಗೆ ಆದ್ಯತೆ ನೀಡಲಾಗಿದೆ ಎಂದರು. ಕುಲಸಚಿವರು, ಮೌಲ್ಯಮಾಪನ ಕುಲಸಚಿವರು, ವಿವಿಧ ನಿಕಾಯಗಳ ಡೀನರು, ಪ್ರಾಧ್ಯಾಪಕರು ಹಾಗೂ ವಿದ್ಯಾರ್ಥಿಗಳು ಭಾಗವಹಿಸಿದ್ದರು.
ಹೈದರಾಬಾದ್ ಕರ್ನಾಟಕದ ಶಿಕ್ಷಣ ಕ್ಷೇತ್ರದಲ್ಲಿ ಕೌಶಲ್ಯಾಧಾರಿತ ಶಿಕ್ಷಣ ಪದ್ಧತಿಗೆ ಹೆಚ್ಚಿನ ಮಹತ್ವ ನೀಡಬೇಕಿದೆ ಎಂದು ಶ್ರೀ ಕೃಷ್ಣದೇವರಾಯ ವಿಶ್ವವಿದ್ಯಾಲಯದ ಕುಲಪತಿ ಪ್ರೊ.ಎಂ.ಮುನಿರಾಜು ಅವರು ಹೇಳಿದರು. ವಿಶ್ವವಿದ್ಯಾಲಯದ ಆವರಣದಲ್ಲಿ ಆಯೋಜಿಸಲಾಗಿದ್ದ ಕಾರ್ಯಾಗಾರವನ್ನು ಉದ್ಘಾಟಿಸಿ ಮಾತನಾಡಿದ ಅವರು, ವಿದ್ಯಾರ್ಥಿಗಳು ಉದ್ಯೋಗ ಪಡೆಯಲು ಕೌಶಲ್ಯಗಳನ್ನು ಬೆಳೆಸಿಕೊಳ್ಳುವುದು ಅಗತ್ಯವಾಗಿದೆ. ಹೊಸ ಶಿಕ್ಷಣ ನೀತಿಯಲ್ಲಿ ಕೌಶಲ್ಯಾಭಿವೃದ್ಧಿಗೆ ಆದ್ಯತೆ ನೀಡಲಾಗಿದೆ ಎಂದರು. ಕುಲಸಚಿವರು, ಮೌಲ್ಯಮಾಪನ ಕುಲಸಚಿವರು, ವಿವಿಧ ನಿಕಾಯಗಳ ಡೀನರು, ಪ್ರಾಧ್ಯಾಪಕರು ಹಾಗೂ ವಿದ್ಯಾರ್ಥಿಗಳು ಭಾಗವಹಿಸಿದ್ದರು.
ಹೈದರಾಬಾದ್ ಕರ್ನಾಟಕದ ಶಿಕ್ಷಣ ಕ್ಷೇತ್ರದಲ್ಲಿ ಕೌಶಲ್ಯಾಧಾರಿತ ಶಿಕ್ಷಣ ಪದ್ಧತಿಗೆ ಹೆಚ್ಚಿನ ಮಹತ್ವ ನೀಡಬೇಕಿದೆ ಎಂದು ಶ್ರೀ ಕೃಷ್ಣದೇವರಾಯ ವಿಶ್ವವಿದ್ಯಾಲಯದ ಕುಲಪತಿ ಪ್ರೊ.ಎಂ.ಮುನಿರಾಜು ಅವರು ಹೇಳಿದರು. ವಿಶ್ವವಿದ್ಯಾಲಯದ ಆವರಣದಲ್ಲಿ ಆಯೋಜಿಸಲಾಗಿದ್ದ ಕಾರ್ಯಾಗಾರವನ್ನು ಉದ್ಘಾಟಿಸಿ ಮಾತನಾಡಿದ ಅವರು, ವಿದ್ಯಾರ್ಥಿಗಳು ಉದ್ಯೋಗ ಪಡೆಯಲು ಕೌಶಲ್ಯಗಳನ್ನು ಬೆಳೆಸಿಕೊಳ್ಳುವುದು ಅಗತ್ಯವಾಗಿದೆ. ಹೊಸ ಶಿಕ್ಷಣ ನೀತಿಯಲ್ಲಿ ಕೌಶಲ್ಯಾಭಿವೃದ್ಧಿಗೆ ಆದ್ಯತೆ ನೀಡಲಾಗಿದೆ ಎಂದರು. ಕುಲಸಚಿವರು, ಮೌಲ್ಯಮಾಪನ ಕುಲಸಚಿವರು, ವಿವಿಧ ನಿಕಾಯಗಳ ಡೀನರು, ಪ್ರಾಧ್ಯಾಪಕರು ಹಾಗೂ ವಿದ್ಯಾರ್ಥಿಗಳು ಭಾಗವಹಿಸಿದ್ದರು.
Suvarna vaahini Kannada Daily, Owner/Editor : V.Ravi, Published at: ( Responsible for selection of news under the PRB Act), Printed :V.Ravi,
Publication: SHREE SHAILA PRINTERS, opp.Eranna Gudi Road,Eslampura,Gangavathi - 581227. Koppal Dist.Karnataka. RNI NO: KARKAN/2022/82651
